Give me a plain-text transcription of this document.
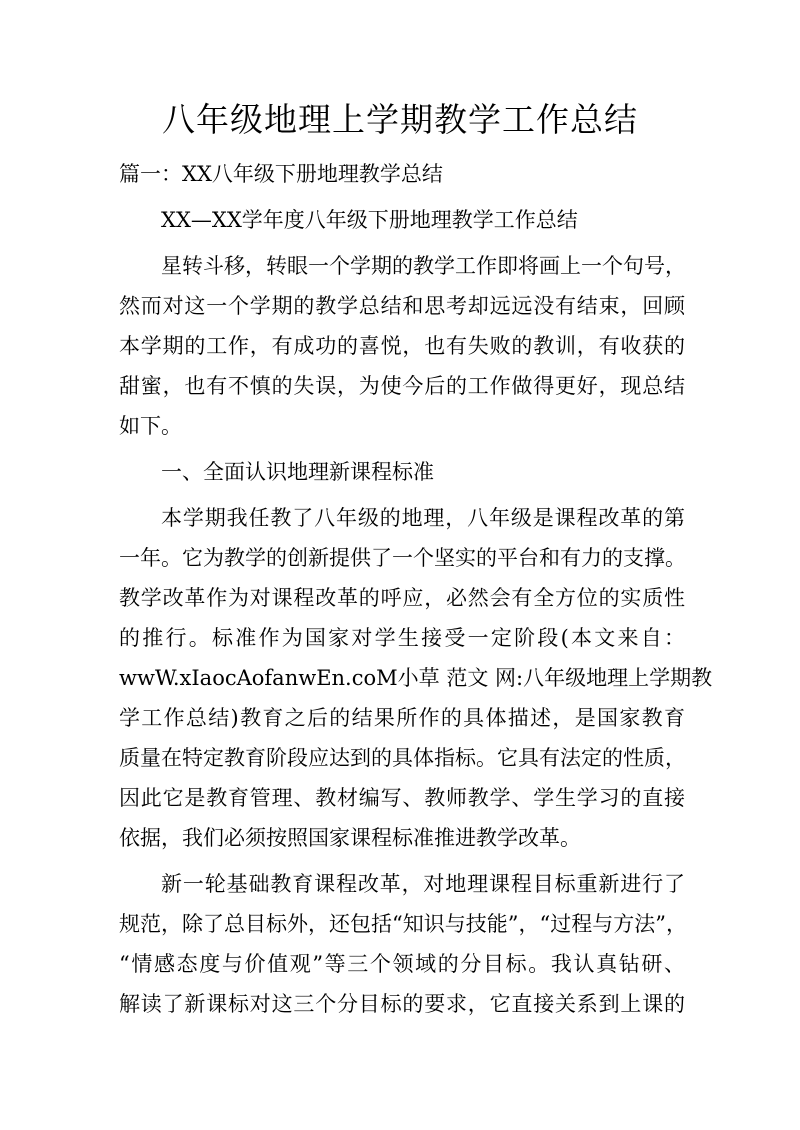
八年级地理上学期教学工作总结
篇一：XX八年级下册地理教学总结
XX—XX学年度八年级下册地理教学工作总结
星转斗移，转眼一个学期的教学工作即将画上一个句号，
然而对这一个学期的教学总结和思考却远远没有结束，回顾
本学期的工作，有成功的喜悦，也有失败的教训，有收获的
甜蜜，也有不慎的失误，为使今后的工作做得更好，现总结
如下。
一、全面认识地理新课程标准
本学期我任教了八年级的地理，八年级是课程改革的第
一年。它为教学的创新提供了一个坚实的平台和有力的支撑。
教学改革作为对课程改革的呼应，必然会有全方位的实质性
的推行。标准作为国家对学生接受一定阶段(本文来自：
wwW.xIaocAofanwEn.coM小草 范文 网:八年级地理上学期教
学工作总结)教育之后的结果所作的具体描述，是国家教育
质量在特定教育阶段应达到的具体指标。它具有法定的性质，
因此它是教育管理、教材编写、教师教学、学生学习的直接
依据，我们必须按照国家课程标准推进教学改革。
新一轮基础教育课程改革，对地理课程目标重新进行了
规范，除了总目标外，还包括“知识与技能”，“过程与方法”，
“情感态度与价值观”等三个领域的分目标。我认真钻研、
解读了新课标对这三个分目标的要求，它直接关系到上课的
